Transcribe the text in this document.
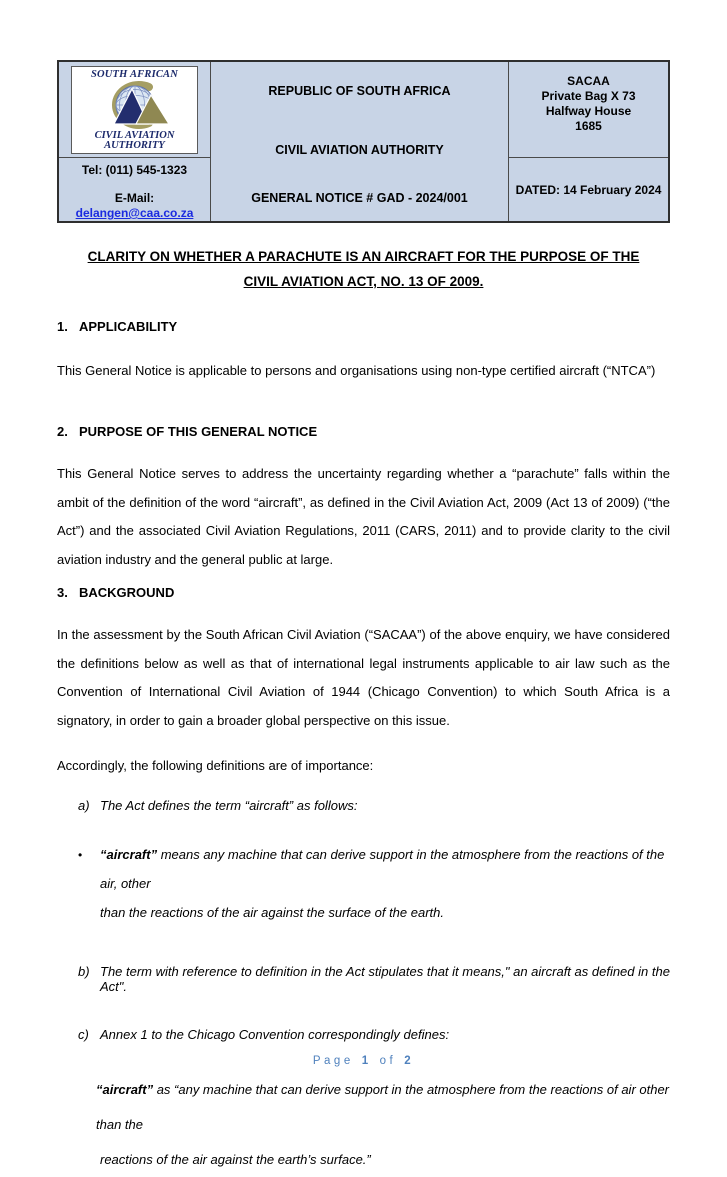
SOUTH AFRICAN
CIVIL AVIATION
AUTHORITY
Tel: (011) 545-1323
E-Mail:
delangen@caa.co.za
REPUBLIC OF SOUTH AFRICA
CIVIL AVIATION AUTHORITY
GENERAL NOTICE # GAD - 2024/001
SACAA
Private Bag X 73
Halfway House
1685
DATED: 14 February 2024
CLARITY ON WHETHER A PARACHUTE IS AN AIRCRAFT FOR THE PURPOSE OF THE
CIVIL AVIATION ACT, NO. 13 OF 2009.
1. APPLICABILITY

This General Notice is applicable to persons and organisations using non-type certified aircraft (“NTCA”)

2. PURPOSE OF THIS GENERAL NOTICE

This General Notice serves to address the uncertainty regarding whether a “parachute” falls within the ambit of the definition of the word “aircraft”, as defined in the Civil Aviation Act, 2009 (Act 13 of 2009) (“the Act”) and the associated Civil Aviation Regulations, 2011 (CARS, 2011) and to provide clarity to the civil aviation industry and the general public at large.

3. BACKGROUND

In the assessment by the South African Civil Aviation (“SACAA”) of the above enquiry, we have considered the definitions below as well as that of international legal instruments applicable to air law such as the Convention of International Civil Aviation of 1944 (Chicago Convention) to which South Africa is a signatory, in order to gain a broader global perspective on this issue.

Accordingly, the following definitions are of importance:

a) The Act defines the term “aircraft” as follows:
•	“aircraft” means any machine that can derive support in the atmosphere from the reactions of the air, other
than the reactions of the air against the surface of the earth.
b) The term with reference to definition in the Act stipulates that it means," an aircraft as defined in the Act".
c) Annex 1 to the Chicago Convention correspondingly defines:
“aircraft” as “any machine that can derive support in the atmosphere from the reactions of air other than the
reactions of the air against the earth’s surface.”
Page 1 of 2
